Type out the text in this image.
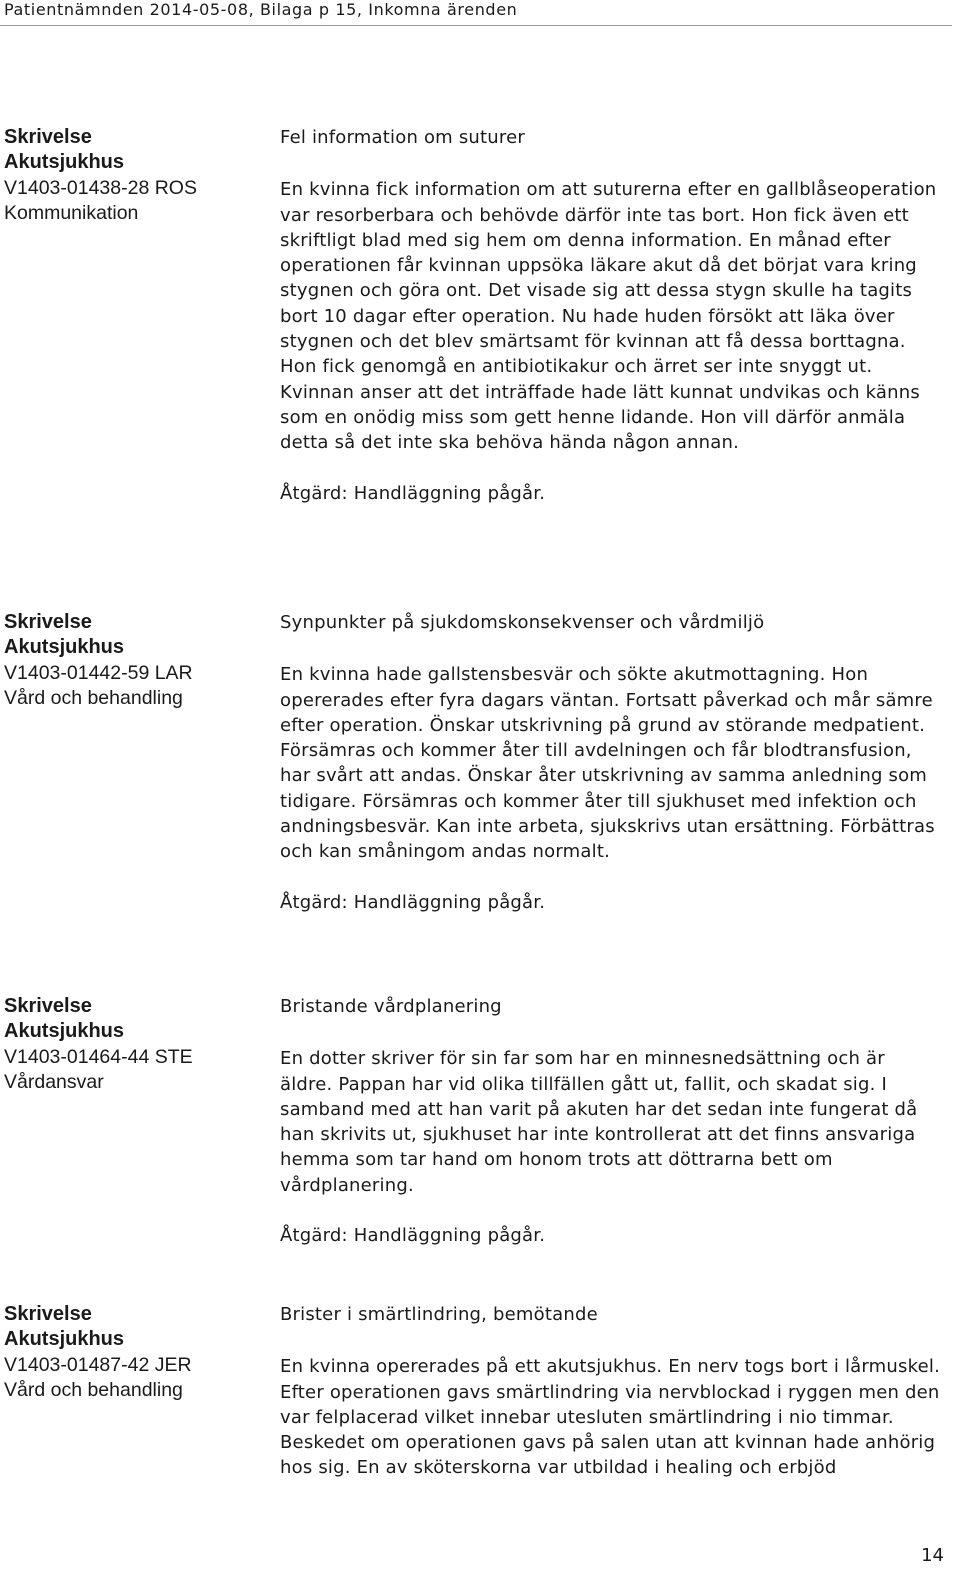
Patientnämnden 2014-05-08, Bilaga p 15, Inkomna ärenden
Skrivelse
Akutsjukhus
V1403-01438-28 ROS
Kommunikation

Fel information om suturer

En kvinna fick information om att suturerna efter en gallblåseoperation var resorberbara och behövde därför inte tas bort. Hon fick även ett skriftligt blad med sig hem om denna information. En månad efter operationen får kvinnan uppsöka läkare akut då det börjat vara kring stygnen och göra ont. Det visade sig att dessa stygn skulle ha tagits bort 10 dagar efter operation. Nu hade huden försökt att läka över stygnen och det blev smärtsamt för kvinnan att få dessa borttagna. Hon fick genomgå en antibiotikakur och ärret ser inte snyggt ut. Kvinnan anser att det inträffade hade lätt kunnat undvikas och känns som en onödig miss som gett henne lidande. Hon vill därför anmäla detta så det inte ska behöva hända någon annan.

Åtgärd: Handläggning pågår.

Skrivelse
Akutsjukhus
V1403-01442-59 LAR
Vård och behandling

Synpunkter på sjukdomskonsekvenser och vårdmiljö

En kvinna hade gallstensbesvär och sökte akutmottagning. Hon opererades efter fyra dagars väntan. Fortsatt påverkad och mår sämre efter operation. Önskar utskrivning på grund av störande medpatient. Försämras och kommer åter till avdelningen och får blodtransfusion, har svårt att andas. Önskar åter utskrivning av samma anledning som tidigare. Försämras och kommer åter till sjukhuset med infektion och andningsbesvär. Kan inte arbeta, sjukskrivs utan ersättning. Förbättras och kan småningom andas normalt.

Åtgärd: Handläggning pågår.

Skrivelse
Akutsjukhus
V1403-01464-44 STE
Vårdansvar

Bristande vårdplanering

En dotter skriver för sin far som har en minnesnedsättning och är äldre. Pappan har vid olika tillfällen gått ut, fallit, och skadat sig. I samband med att han varit på akuten har det sedan inte fungerat då han skrivits ut, sjukhuset har inte kontrollerat att det finns ansvariga hemma som tar hand om honom trots att döttrarna bett om vårdplanering.

Åtgärd: Handläggning pågår.

Skrivelse
Akutsjukhus
V1403-01487-42 JER
Vård och behandling

Brister i smärtlindring, bemötande

En kvinna opererades på ett akutsjukhus. En nerv togs bort i lårmuskel. Efter operationen gavs smärtlindring via nervblockad i ryggen men den var felplacerad vilket innebar utesluten smärtlindring i nio timmar. Beskedet om operationen gavs på salen utan att kvinnan hade anhörig hos sig. En av sköterskorna var utbildad i healing och erbjöd

14
